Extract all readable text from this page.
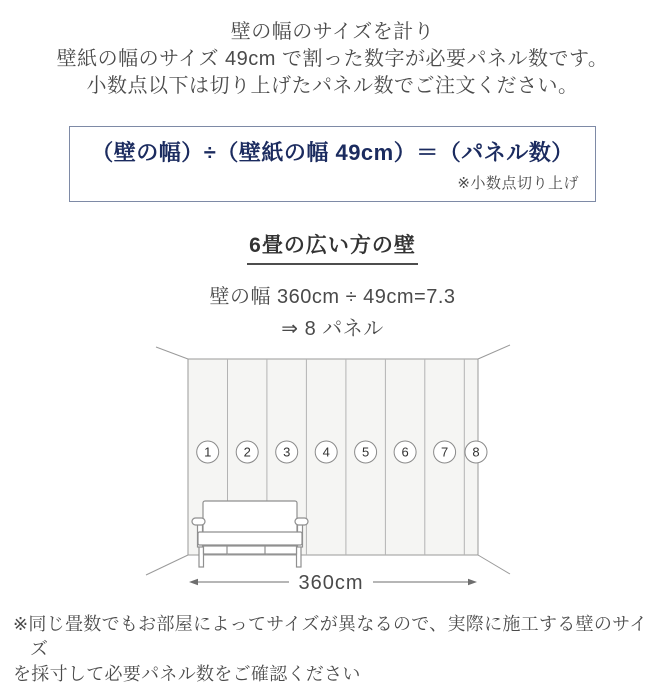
壁の幅のサイズを計り
壁紙の幅のサイズ 49cm で割った数字が必要パネル数です。
小数点以下は切り上げたパネル数でご注文ください。
（壁の幅）÷（壁紙の幅 49cm）＝（パネル数）
※小数点切り上げ
6畳の広い方の壁
壁の幅 360cm ÷ 49cm=7.3
⇒ 8 パネル
1 2 3 4 5 6 7 8
360cm
※同じ畳数でもお部屋によってサイズが異なるので、実際に施工する壁のサイズ
を採寸して必要パネル数をご確認ください
